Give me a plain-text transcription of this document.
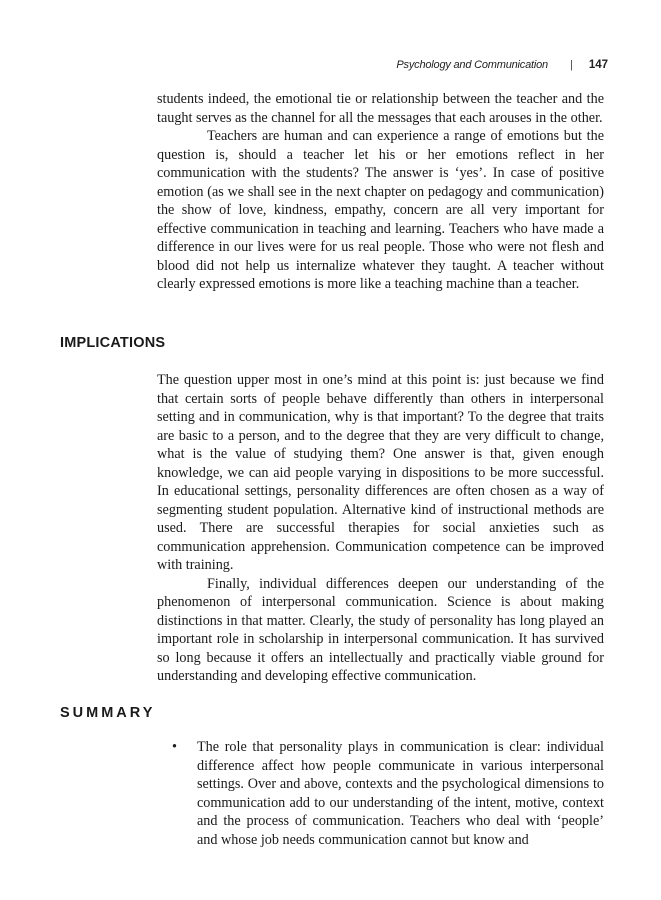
Psychology and Communication | 147

students indeed, the emotional tie or relationship between the teacher and the taught serves as the channel for all the messages that each arouses in the other.

Teachers are human and can experience a range of emotions but the question is, should a teacher let his or her emotions reflect in her communication with the students? The answer is ‘yes’. In case of positive emotion (as we shall see in the next chapter on pedagogy and communication) the show of love, kindness, empathy, concern are all very important for effective communication in teaching and learning. Teachers who have made a difference in our lives were for us real people. Those who were not flesh and blood did not help us internalize whatever they taught. A teacher without clearly expressed emotions is more like a teaching machine than a teacher.

IMPLICATIONS

The question upper most in one’s mind at this point is: just because we find that certain sorts of people behave differently than others in interpersonal setting and in communication, why is that important? To the degree that traits are basic to a person, and to the degree that they are very difficult to change, what is the value of studying them? One answer is that, given enough knowledge, we can aid people varying in dispositions to be more successful. In educational settings, personality differences are often chosen as a way of segmenting student population. Alternative kind of instructional methods are used. There are successful therapies for social anxieties such as communication apprehension. Communication competence can be improved with training.

Finally, individual differences deepen our understanding of the phenomenon of interpersonal communication. Science is about making distinctions in that matter. Clearly, the study of personality has long played an important role in scholarship in interpersonal communication. It has survived so long because it offers an intellectually and practically viable ground for understanding and developing effective communication.

SUMMARY
• The role that personality plays in communication is clear: individual difference affect how people communicate in various interpersonal settings. Over and above, contexts and the psychological dimensions to communication add to our understanding of the intent, motive, context and the process of communication. Teachers who deal with ‘people’ and whose job needs communication cannot but know and
